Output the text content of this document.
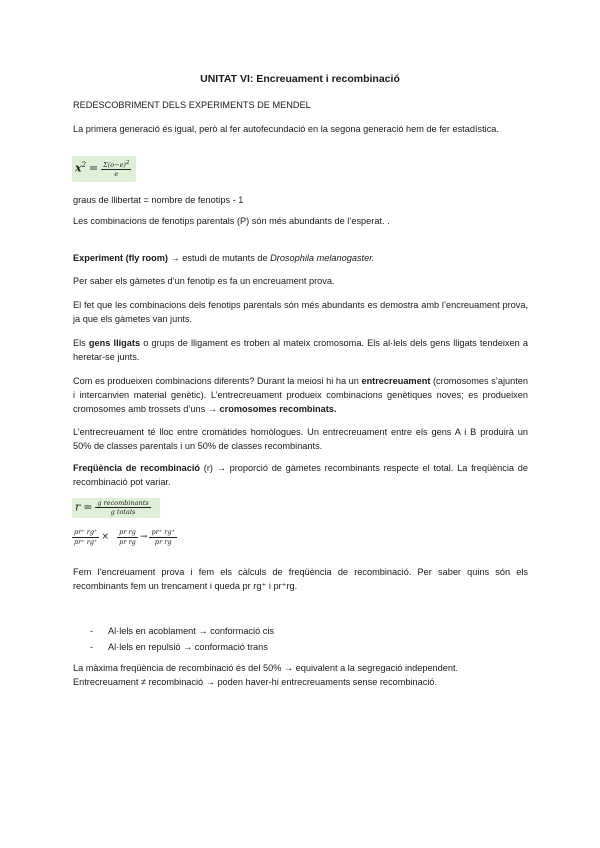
UNITAT VI: Encreuament i recombinació
REDESCOBRIMENT DELS EXPERIMENTS DE MENDEL
La primera generació és igual, però al fer autofecundació en la segona generació hem de fer estadística.
$x^2 = \frac{\Sigma(o-e)^2}{e}$
graus de llibertat = nombre de fenotips - 1
Les combinacions de fenotips parentals (P) són més abundants de l’esperat. .
Experiment (fly room) → estudi de mutants de Drosophila melanogaster.
Per saber els gàmetes d’un fenotip es fa un encreuament prova.
El fet que les combinacions dels fenotips parentals són més abundants es demostra amb l’encreuament prova, ja que els gàmetes van junts.
Els gens lligats o grups de lligament es troben al mateix cromosoma. Els al·lels dels gens lligats tendeixen a heretar-se junts.
Com es produeixen combinacions diferents? Durant la meiosi hi ha un entrecreuament (cromosomes s’ajunten i intercanvien material genètic). L’entrecreuament produeix combinacions genètiques noves; es produeixen cromosomes amb trossets d’uns → cromosomes recombinats.
L’entrecreuament té lloc entre cromàtides homòlogues. Un entrecreuament entre els gens A i B produirà un 50% de classes parentals i un 50% de classes recombinants.
Freqüència de recombinació (r) → proporció de gàmetes recombinants respecte el total. La freqüència de recombinació pot variar.
$r = \frac{\text{g recombinants}}{\text{g totals}}$
$\frac{pr^+ rg^+}{pr^+ rg^+} \times \frac{\text{pr rg}}{\text{pr rg}} \to \frac{pr^+ rg^+}{\text{pr rg}}$
Fem l’encreuament prova i fem els càlculs de freqüència de recombinació. Per saber quins són els recombinants fem un trencament i queda pr rg⁺ i pr⁺rg.
- Al·lels en acoblament → conformació cis
- Al·lels en repulsió → conformació trans
La màxima freqüència de recombinació és del 50% → equivalent a la segregació independent.
Entrecreuament ≠ recombinació → poden haver-hi entrecreuaments sense recombinació.
